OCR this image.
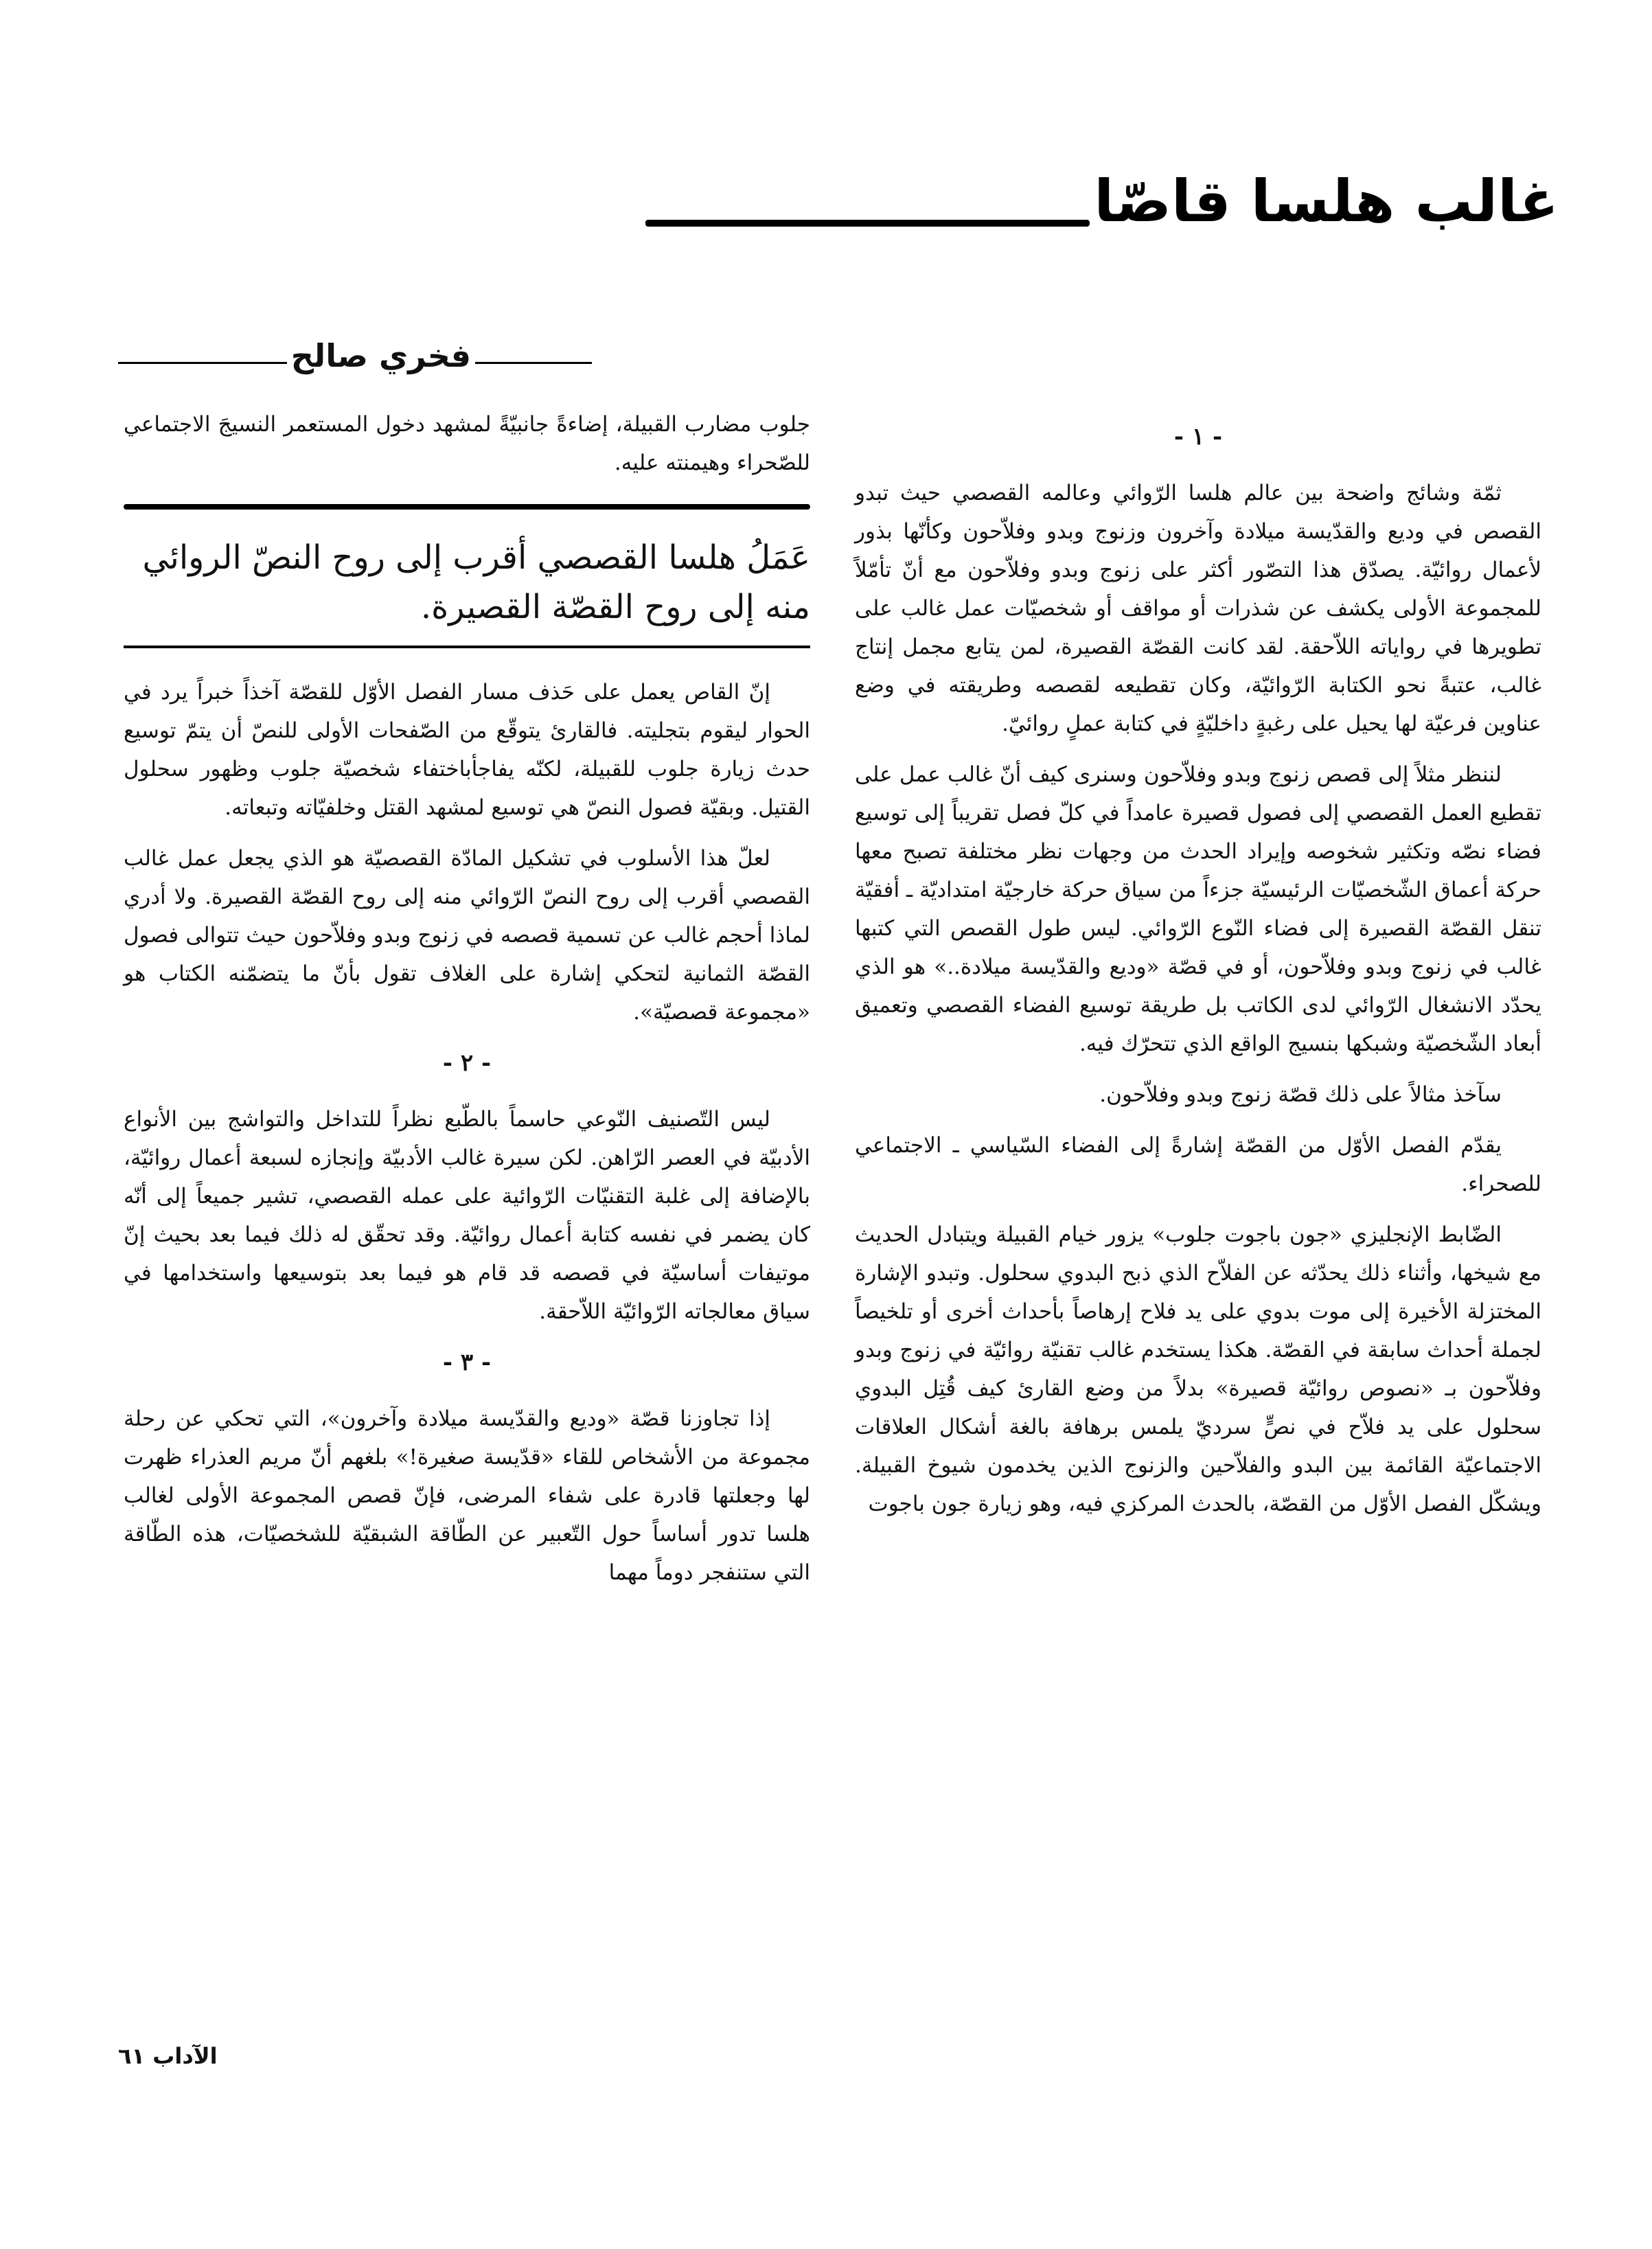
غالب هلسا قاصّا
فخري صالح
- ١ -

ثمّة وشائج واضحة بين عالم هلسا الرّوائي وعالمه القصصي حيث تبدو القصص في وديع والقدّيسة ميلادة وآخرون وزنوج وبدو وفلاّحون وكأنّها بذور لأعمال روائيّة. يصدّق هذا التصّور أكثر على زنوج وبدو وفلاّحون مع أنّ تأمّلاً للمجموعة الأولى يكشف عن شذرات أو مواقف أو شخصيّات عمل غالب على تطويرها في رواياته اللاّحقة. لقد كانت القصّة القصيرة، لمن يتابع مجمل إنتاج غالب، عتبةً نحو الكتابة الرّوائيّة، وكان تقطيعه لقصصه وطريقته في وضع عناوين فرعيّة لها يحيل على رغبةٍ داخليّةٍ في كتابة عملٍ روائيّ.

لننظر مثلاً إلى قصص زنوج وبدو وفلاّحون وسنرى كيف أنّ غالب عمل على تقطيع العمل القصصي إلى فصول قصيرة عامداً في كلّ فصل تقريباً إلى توسيع فضاء نصّه وتكثير شخوصه وإيراد الحدث من وجهات نظر مختلفة تصبح معها حركة أعماق الشّخصيّات الرئيسيّة جزءاً من سياق حركة خارجيّة امتداديّة ـ أفقيّة تنقل القصّة القصيرة إلى فضاء النّوع الرّوائي. ليس طول القصص التي كتبها غالب في زنوج وبدو وفلاّحون، أو في قصّة «وديع والقدّيسة ميلادة..» هو الذي يحدّد الانشغال الرّوائي لدى الكاتب بل طريقة توسيع الفضاء القصصي وتعميق أبعاد الشّخصيّة وشبكها بنسيج الواقع الذي تتحرّك فيه.

سآخذ مثالاً على ذلك قصّة زنوج وبدو وفلاّحون.

يقدّم الفصل الأوّل من القصّة إشارةً إلى الفضاء السّياسي ـ الاجتماعي للصحراء.

الضّابط الإنجليزي «جون باجوت جلوب» يزور خيام القبيلة ويتبادل الحديث مع شيخها، وأثناء ذلك يحدّثه عن الفلاّح الذي ذبح البدوي سحلول. وتبدو الإشارة المختزلة الأخيرة إلى موت بدوي على يد فلاح إرهاصاً بأحداث أخرى أو تلخيصاً لجملة أحداث سابقة في القصّة. هكذا يستخدم غالب تقنيّة روائيّة في زنوج وبدو وفلاّحون بـ «نصوص روائيّة قصيرة» بدلاً من وضع القارئ كيف قُتِل البدوي سحلول على يد فلاّح في نصٍّ سرديّ يلمس برهافة بالغة أشكال العلاقات الاجتماعيّة القائمة بين البدو والفلاّحين والزنوج الذين يخدمون شيوخ القبيلة. ويشكّل الفصل الأوّل من القصّة، بالحدث المركزي فيه، وهو زيارة جون باجوت

جلوب مضارب القبيلة، إضاءةً جانبيّةً لمشهد دخول المستعمر النسيجَ الاجتماعي للصّحراء وهيمنته عليه.

عَمَلُ هلسا القصصي أقرب إلى روح النصّ الروائي منه إلى روح القصّة القصيرة.

إنّ القاص يعمل على حَذف مسار الفصل الأوّل للقصّة آخذاً خبراً يرد في الحوار ليقوم بتجليته. فالقارئ يتوقّع من الصّفحات الأولى للنصّ أن يتمّ توسيع حدث زيارة جلوب للقبيلة، لكنّه يفاجأباختفاء شخصيّة جلوب وظهور سحلول القتيل. وبقيّة فصول النصّ هي توسيع لمشهد القتل وخلفيّاته وتبعاته.

لعلّ هذا الأسلوب في تشكيل المادّة القصصيّة هو الذي يجعل عمل غالب القصصي أقرب إلى روح النصّ الرّوائي منه إلى روح القصّة القصيرة. ولا أدري لماذا أحجم غالب عن تسمية قصصه في زنوج وبدو وفلاّحون حيث تتوالى فصول القصّة الثمانية لتحكي إشارة على الغلاف تقول بأنّ ما يتضمّنه الكتاب هو «مجموعة قصصيّة».

- ٢ -

ليس التّصنيف النّوعي حاسماً بالطّبع نظراً للتداخل والتواشج بين الأنواع الأدبيّة في العصر الرّاهن. لكن سيرة غالب الأدبيّة وإنجازه لسبعة أعمال روائيّة، بالإضافة إلى غلبة التقنيّات الرّوائية على عمله القصصي، تشير جميعاً إلى أنّه كان يضمر في نفسه كتابة أعمال روائيّة. وقد تحقّق له ذلك فيما بعد بحيث إنّ موتيفات أساسيّة في قصصه قد قام هو فيما بعد بتوسيعها واستخدامها في سياق معالجاته الرّوائيّة اللاّحقة.

- ٣ -

إذا تجاوزنا قصّة «وديع والقدّيسة ميلادة وآخرون»، التي تحكي عن رحلة مجموعة من الأشخاص للقاء «قدّيسة صغيرة!» بلغهم أنّ مريم العذراء ظهرت لها وجعلتها قادرة على شفاء المرضى، فإنّ قصص المجموعة الأولى لغالب هلسا تدور أساساً حول التّعبير عن الطّاقة الشبقيّة للشخصيّات، هذه الطّاقة التي ستنفجر دوماً مهما

الآداب ٦١
